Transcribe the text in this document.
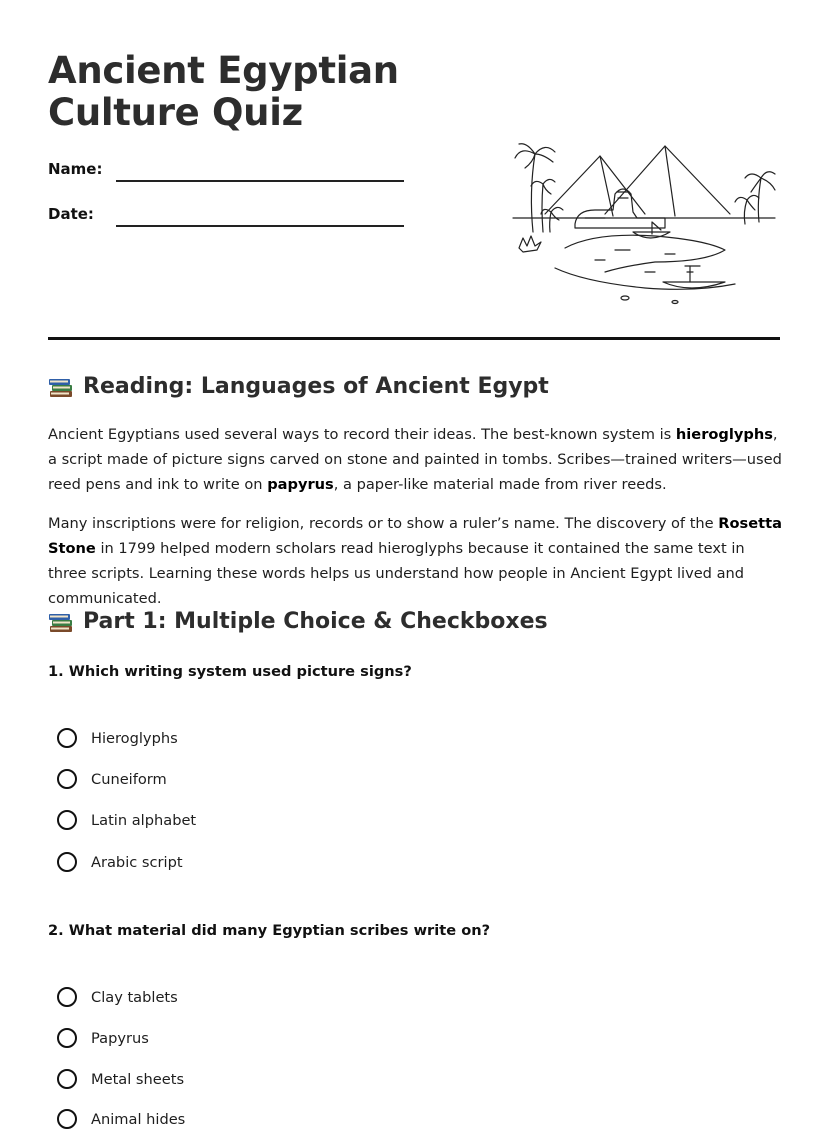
Ancient Egyptian
Culture Quiz
Name:
Date:
Reading: Languages of Ancient Egypt

Ancient Egyptians used several ways to record their ideas. The best-known system is hieroglyphs, a script made of picture signs carved on stone and painted in tombs. Scribes—trained writers—used reed pens and ink to write on papyrus, a paper-like material made from river reeds.

Many inscriptions were for religion, records or to show a ruler’s name. The discovery of the Rosetta Stone in 1799 helped modern scholars read hieroglyphs because it contained the same text in three scripts. Learning these words helps us understand how people in Ancient Egypt lived and communicated.

Part 1: Multiple Choice & Checkboxes

1. Which writing system used picture signs?

Hieroglyphs
Cuneiform
Latin alphabet
Arabic script

2. What material did many Egyptian scribes write on?

Clay tablets
Papyrus
Metal sheets
Animal hides
